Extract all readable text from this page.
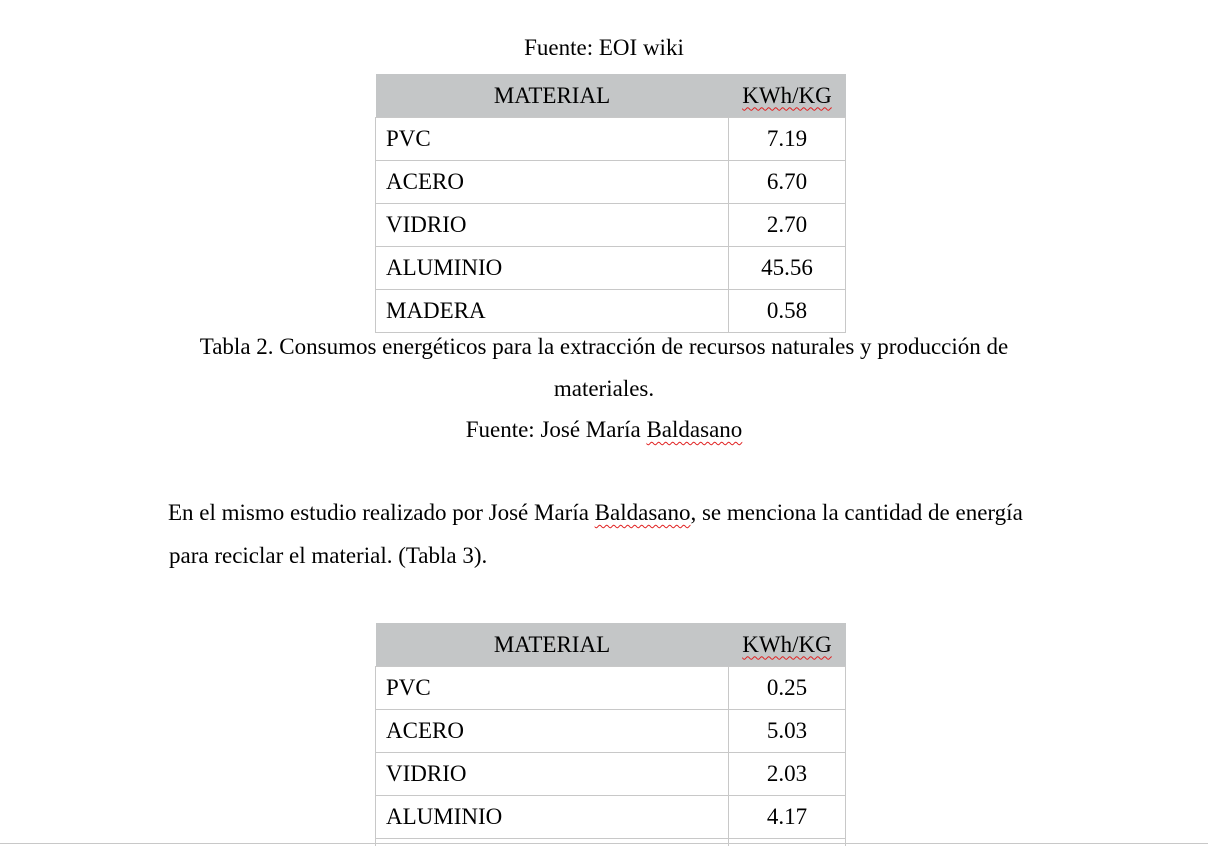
Fuente: EOI wiki
MATERIAL	KWh/KG
PVC	7.19
ACERO	6.70
VIDRIO	2.70
ALUMINIO	45.56
MADERA	0.58
Tabla 2. Consumos energéticos para la extracción de recursos naturales y producción de
materiales.
Fuente: José María Baldasano
En el mismo estudio realizado por José María Baldasano, se menciona la cantidad de energía
para reciclar el material. (Tabla 3).
MATERIAL	KWh/KG
PVC	0.25
ACERO	5.03
VIDRIO	2.03
ALUMINIO	4.17
